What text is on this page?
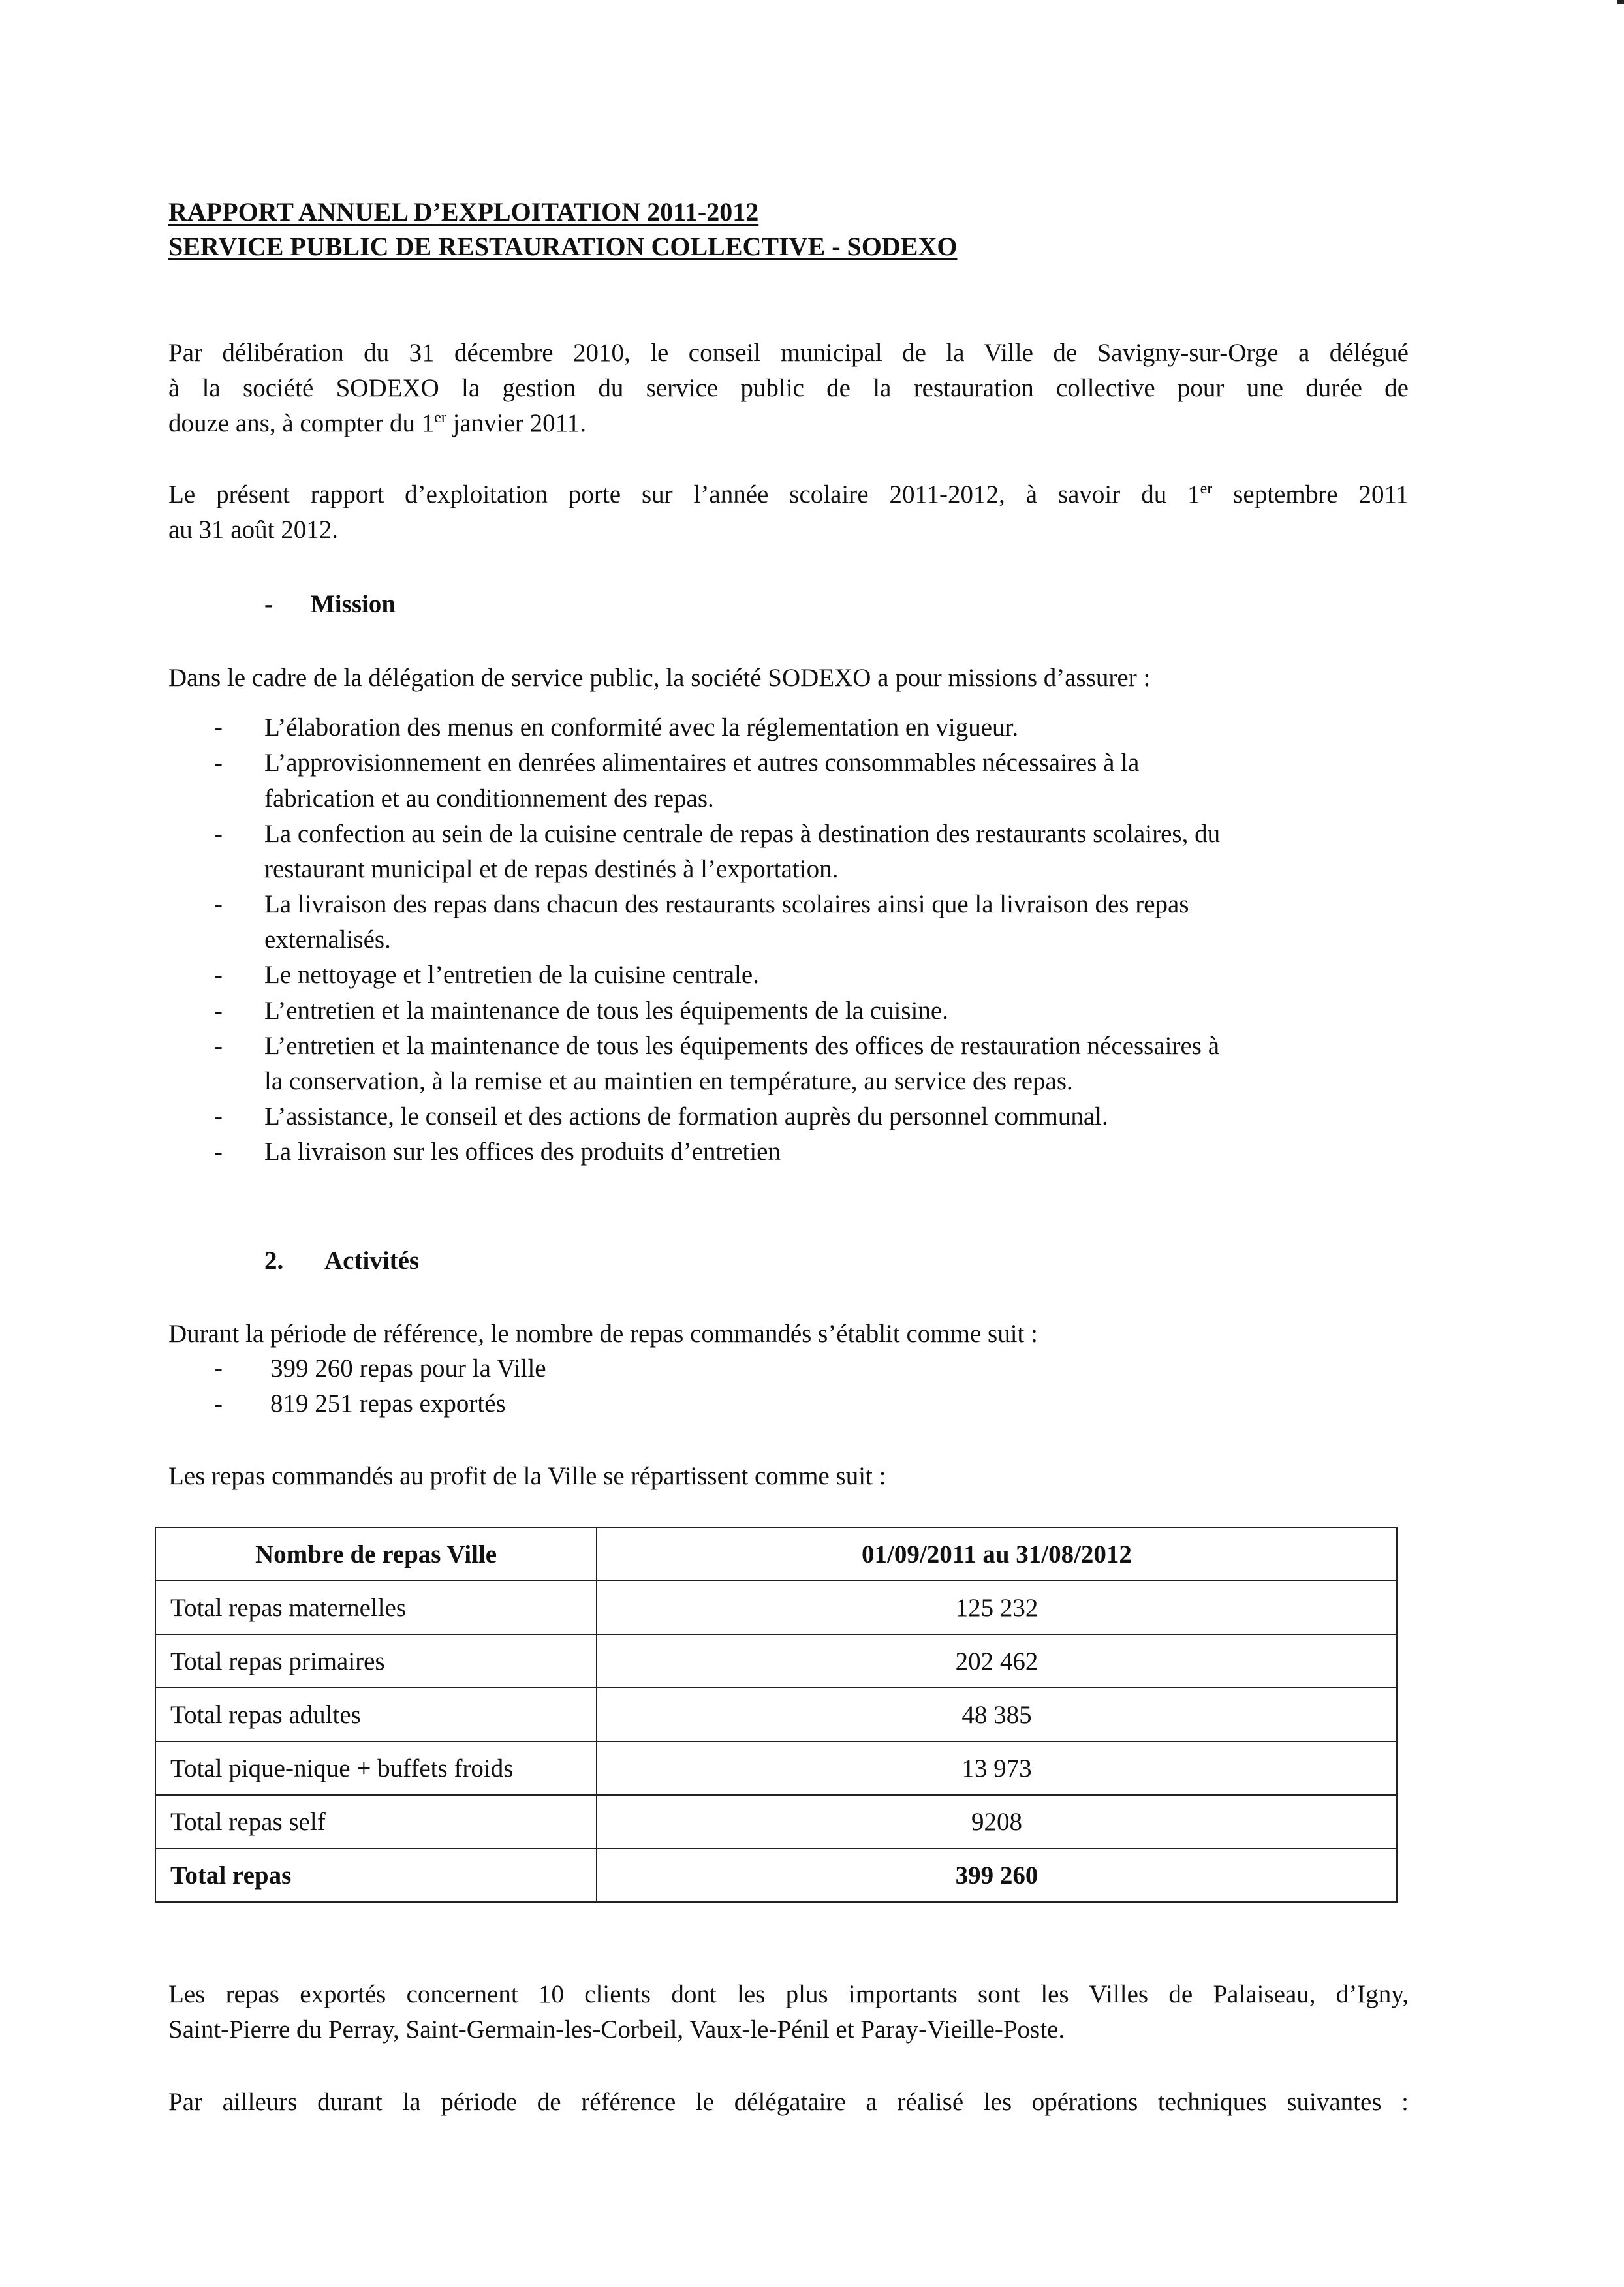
RAPPORT ANNUEL D’EXPLOITATION 2011-2012
SERVICE PUBLIC DE RESTAURATION COLLECTIVE - SODEXO
Par délibération du 31 décembre 2010, le conseil municipal de la Ville de Savigny-sur-Orge a délégué
à la société SODEXO la gestion du service public de la restauration collective pour une durée de
douze ans, à compter du 1er janvier 2011.
Le présent rapport d’exploitation porte sur l’année scolaire 2011-2012, à savoir du 1er septembre 2011
au 31 août 2012.
- Mission
Dans le cadre de la délégation de service public, la société SODEXO a pour missions d’assurer :
- L’élaboration des menus en conformité avec la réglementation en vigueur.
- L’approvisionnement en denrées alimentaires et autres consommables nécessaires à la
fabrication et au conditionnement des repas.
- La confection au sein de la cuisine centrale de repas à destination des restaurants scolaires, du
restaurant municipal et de repas destinés à l’exportation.
- La livraison des repas dans chacun des restaurants scolaires ainsi que la livraison des repas
externalisés.
- Le nettoyage et l’entretien de la cuisine centrale.
- L’entretien et la maintenance de tous les équipements de la cuisine.
- L’entretien et la maintenance de tous les équipements des offices de restauration nécessaires à
la conservation, à la remise et au maintien en température, au service des repas.
- L’assistance, le conseil et des actions de formation auprès du personnel communal.
- La livraison sur les offices des produits d’entretien
2. Activités
Durant la période de référence, le nombre de repas commandés s’établit comme suit :
- 399 260 repas pour la Ville
- 819 251 repas exportés
Les repas commandés au profit de la Ville se répartissent comme suit :
Nombre de repas Ville	01/09/2011 au 31/08/2012
Total repas maternelles	125 232
Total repas primaires	202 462
Total repas adultes	48 385
Total pique-nique + buffets froids	13 973
Total repas self	9208
Total repas	399 260
Les repas exportés concernent 10 clients dont les plus importants sont les Villes de Palaiseau, d’Igny,
Saint-Pierre du Perray, Saint-Germain-les-Corbeil, Vaux-le-Pénil et Paray-Vieille-Poste.
Par ailleurs durant la période de référence le délégataire a réalisé les opérations techniques suivantes :
